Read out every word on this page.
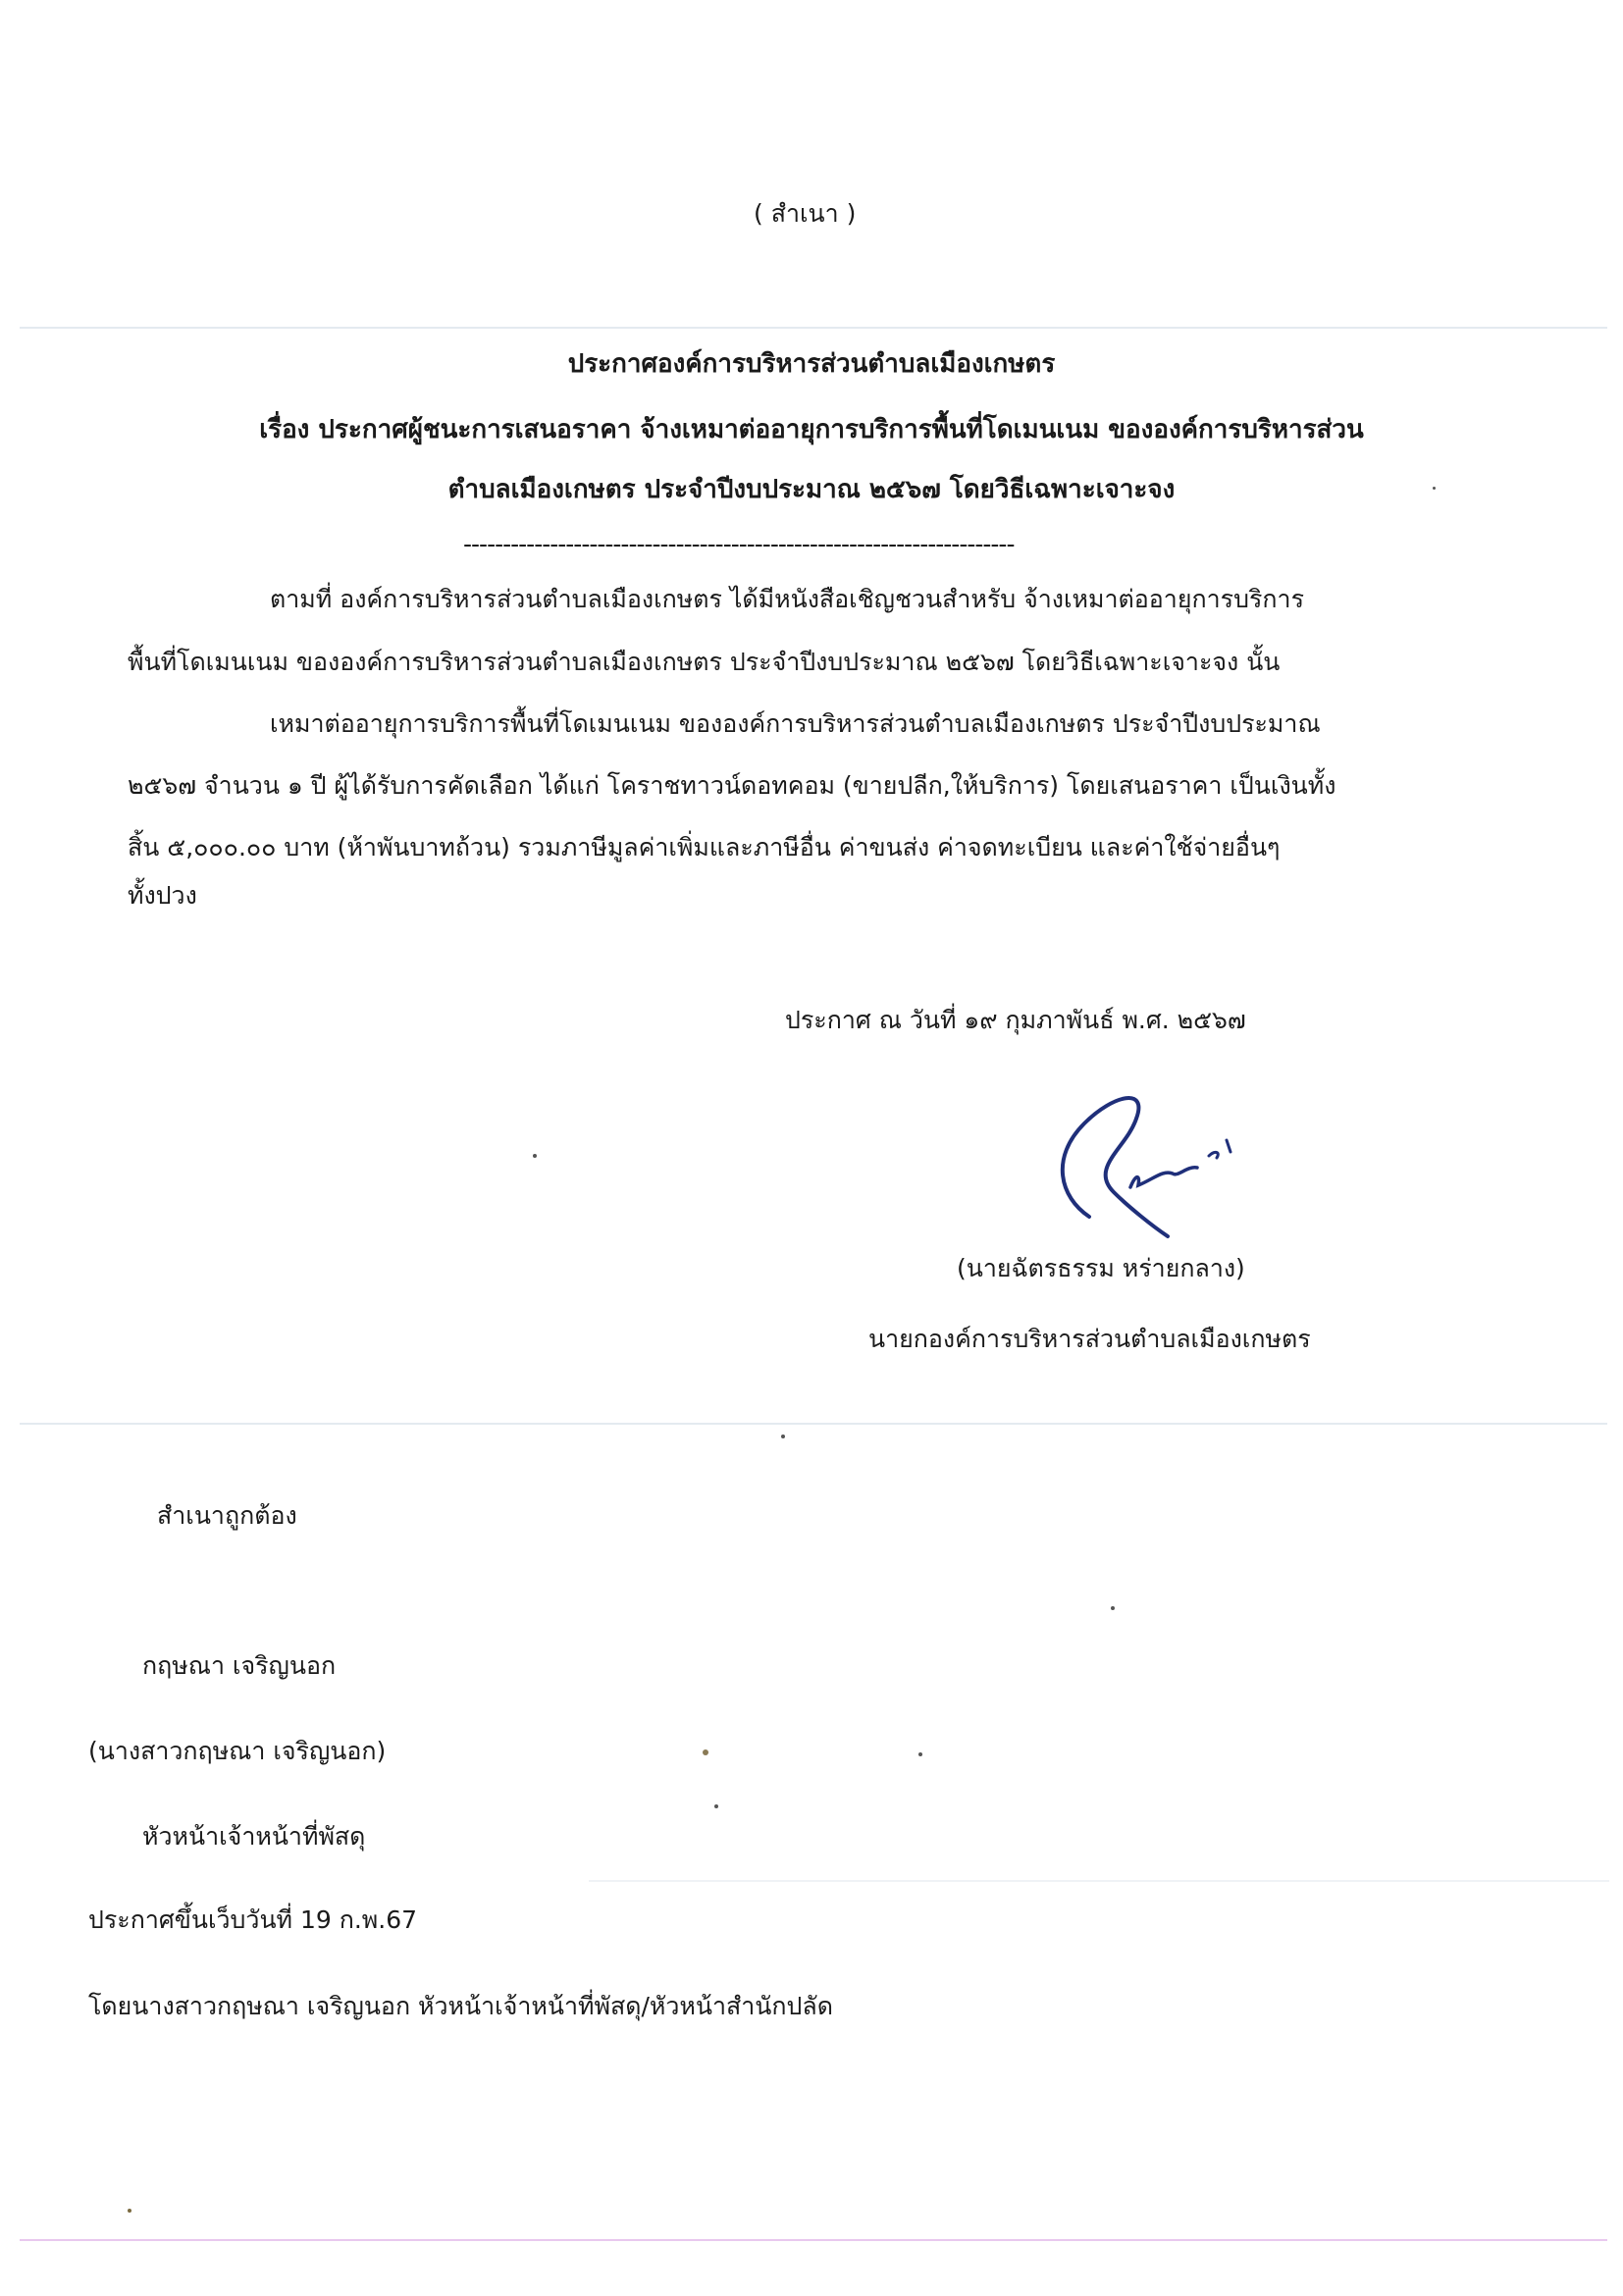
( สำเนา )
ประกาศองค์การบริหารส่วนตำบลเมืองเกษตร
เรื่อง ประกาศผู้ชนะการเสนอราคา จ้างเหมาต่ออายุการบริการพื้นที่โดเมนเนม ขององค์การบริหารส่วน
ตำบลเมืองเกษตร ประจำปีงบประมาณ ๒๕๖๗ โดยวิธีเฉพาะเจาะจง
----------------------------------------------------------------------
ตามที่ องค์การบริหารส่วนตำบลเมืองเกษตร ได้มีหนังสือเชิญชวนสำหรับ จ้างเหมาต่ออายุการบริการ
พื้นที่โดเมนเนม ขององค์การบริหารส่วนตำบลเมืองเกษตร ประจำปีงบประมาณ ๒๕๖๗ โดยวิธีเฉพาะเจาะจง นั้น
เหมาต่ออายุการบริการพื้นที่โดเมนเนม ขององค์การบริหารส่วนตำบลเมืองเกษตร ประจำปีงบประมาณ
๒๕๖๗ จำนวน ๑ ปี ผู้ได้รับการคัดเลือก ได้แก่ โคราชทาวน์ดอทคอม (ขายปลีก,ให้บริการ) โดยเสนอราคา เป็นเงินทั้ง
สิ้น ๕,๐๐๐.๐๐ บาท (ห้าพันบาทถ้วน) รวมภาษีมูลค่าเพิ่มและภาษีอื่น ค่าขนส่ง ค่าจดทะเบียน และค่าใช้จ่ายอื่นๆ
ทั้งปวง
ประกาศ ณ วันที่ ๑๙ กุมภาพันธ์ พ.ศ. ๒๕๖๗
(นายฉัตรธรรม หร่ายกลาง)
นายกองค์การบริหารส่วนตำบลเมืองเกษตร
สำเนาถูกต้อง
กฤษณา เจริญนอก
(นางสาวกฤษณา เจริญนอก)
หัวหน้าเจ้าหน้าที่พัสดุ
ประกาศขึ้นเว็บวันที่ 19 ก.พ.67
โดยนางสาวกฤษณา เจริญนอก หัวหน้าเจ้าหน้าที่พัสดุ/หัวหน้าสำนักปลัด
